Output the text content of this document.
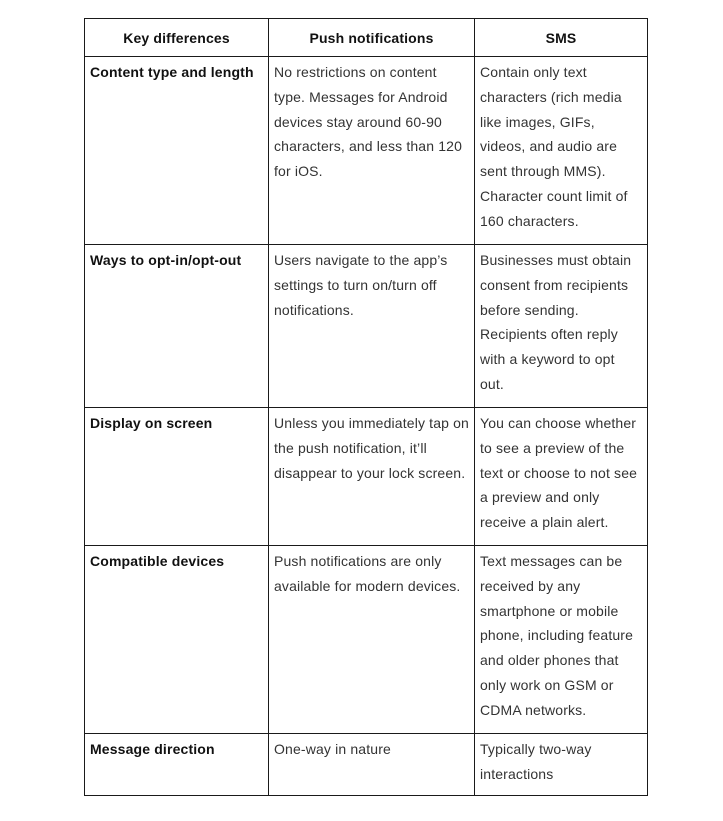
Key differences	Push notifications	SMS
Content type and length	No restrictions on content type. Messages for Android devices stay around 60-90 characters, and less than 120 for iOS.	Contain only text characters (rich media like images, GIFs, videos, and audio are sent through MMS). Character count limit of 160 characters.
Ways to opt-in/opt-out	Users navigate to the app’s settings to turn on/turn off notifications.	Businesses must obtain consent from recipients before sending. Recipients often reply with a keyword to opt out.
Display on screen	Unless you immediately tap on the push notification, it’ll disappear to your lock screen.	You can choose whether to see a preview of the text or choose to not see a preview and only receive a plain alert.
Compatible devices	Push notifications are only available for modern devices.	Text messages can be received by any smartphone or mobile phone, including feature and older phones that only work on GSM or CDMA networks.
Message direction	One-way in nature	Typically two-way interactions
